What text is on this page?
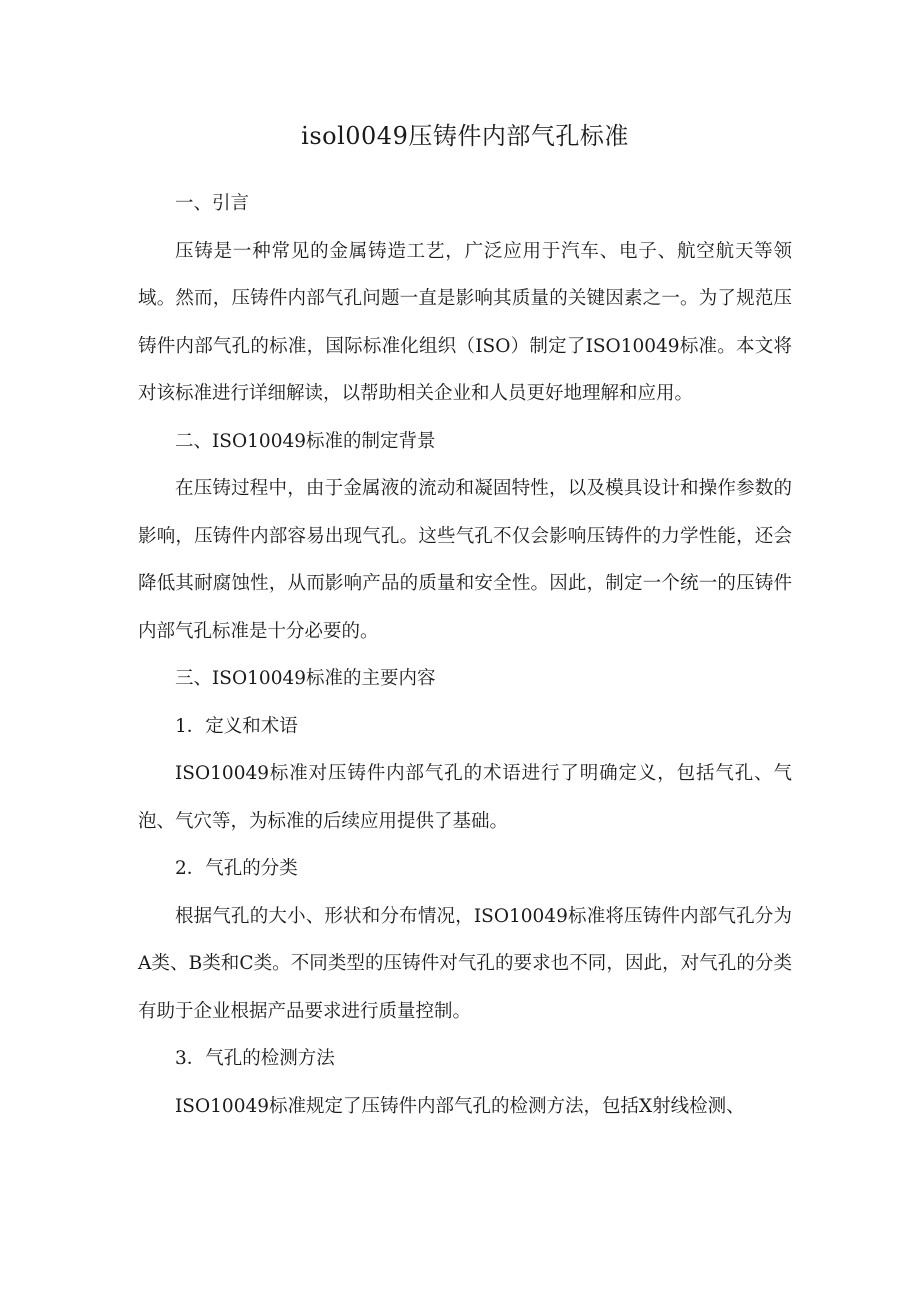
isol0049压铸件内部气孔标准
一、引言

压铸是一种常见的金属铸造工艺，广泛应用于汽车、电子、航空航天等领域。然而，压铸件内部气孔问题一直是影响其质量的关键因素之一。为了规范压铸件内部气孔的标准，国际标准化组织（ISO）制定了ISO10049标准。本文将对该标准进行详细解读，以帮助相关企业和人员更好地理解和应用。

二、ISO10049标准的制定背景

在压铸过程中，由于金属液的流动和凝固特性，以及模具设计和操作参数的影响，压铸件内部容易出现气孔。这些气孔不仅会影响压铸件的力学性能，还会降低其耐腐蚀性，从而影响产品的质量和安全性。因此，制定一个统一的压铸件内部气孔标准是十分必要的。

三、ISO10049标准的主要内容
1．定义和术语

ISO10049标准对压铸件内部气孔的术语进行了明确定义，包括气孔、气泡、气穴等，为标准的后续应用提供了基础。

2．气孔的分类

根据气孔的大小、形状和分布情况，ISO10049标准将压铸件内部气孔分为A类、B类和C类。不同类型的压铸件对气孔的要求也不同，因此，对气孔的分类有助于企业根据产品要求进行质量控制。

3．气孔的检测方法

ISO10049标准规定了压铸件内部气孔的检测方法，包括X射线检测、
